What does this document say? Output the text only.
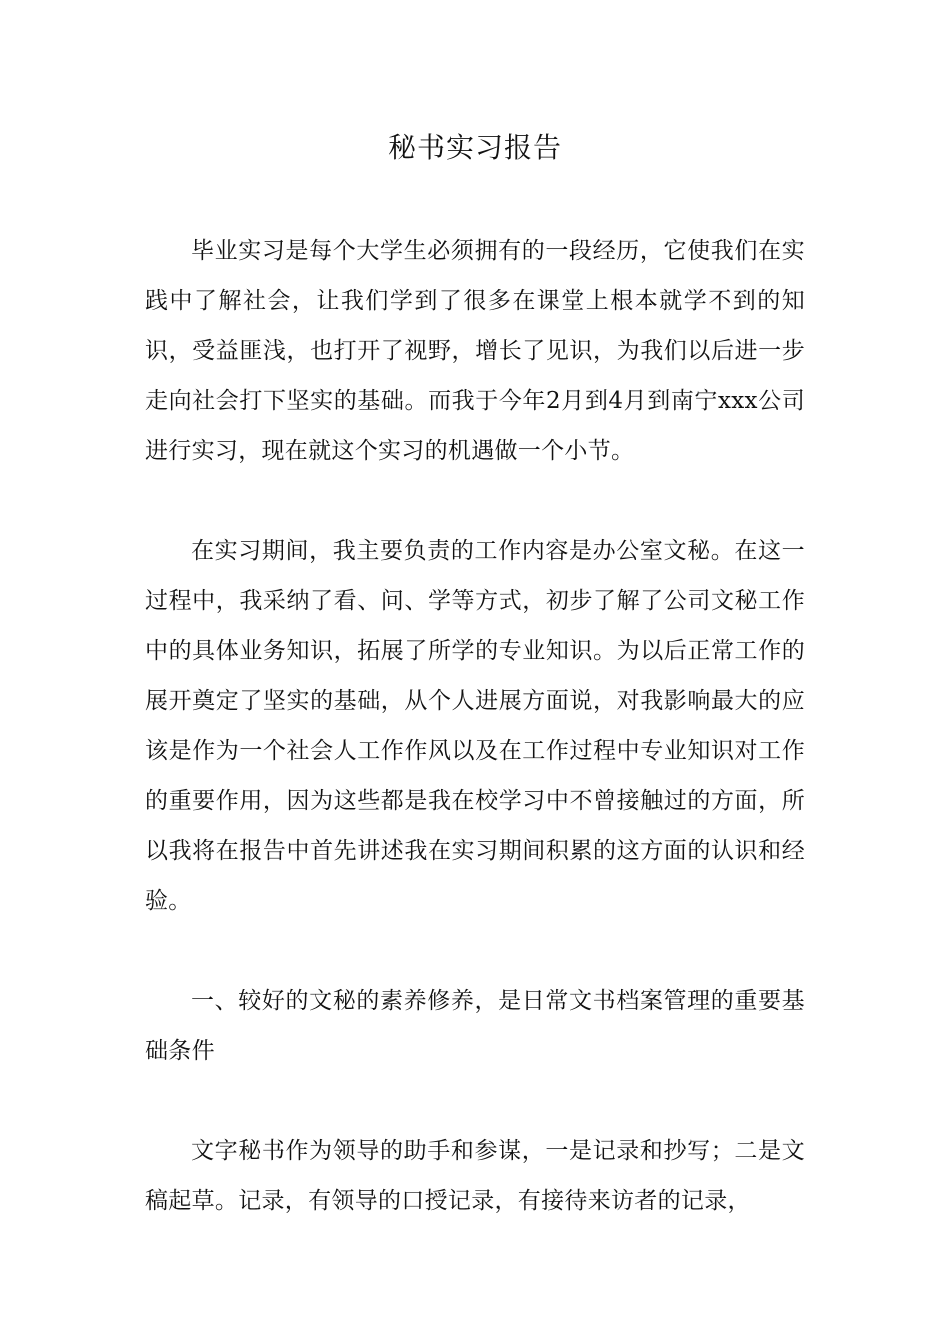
秘书实习报告

毕业实习是每个大学生必须拥有的一段经历，它使我们在实践中了解社会，让我们学到了很多在课堂上根本就学不到的知识，受益匪浅，也打开了视野，增长了见识，为我们以后进一步走向社会打下坚实的基础。而我于今年2月到4月到南宁xxx公司进行实习，现在就这个实习的机遇做一个小节。

在实习期间，我主要负责的工作内容是办公室文秘。在这一过程中，我采纳了看、问、学等方式，初步了解了公司文秘工作中的具体业务知识，拓展了所学的专业知识。为以后正常工作的展开奠定了坚实的基础，从个人进展方面说，对我影响最大的应该是作为一个社会人工作作风以及在工作过程中专业知识对工作的重要作用，因为这些都是我在校学习中不曾接触过的方面，所以我将在报告中首先讲述我在实习期间积累的这方面的认识和经验。

一、较好的文秘的素养修养，是日常文书档案管理的重要基础条件

文字秘书作为领导的助手和参谋，一是记录和抄写；二是文稿起草。记录，有领导的口授记录，有接待来访者的记录，
